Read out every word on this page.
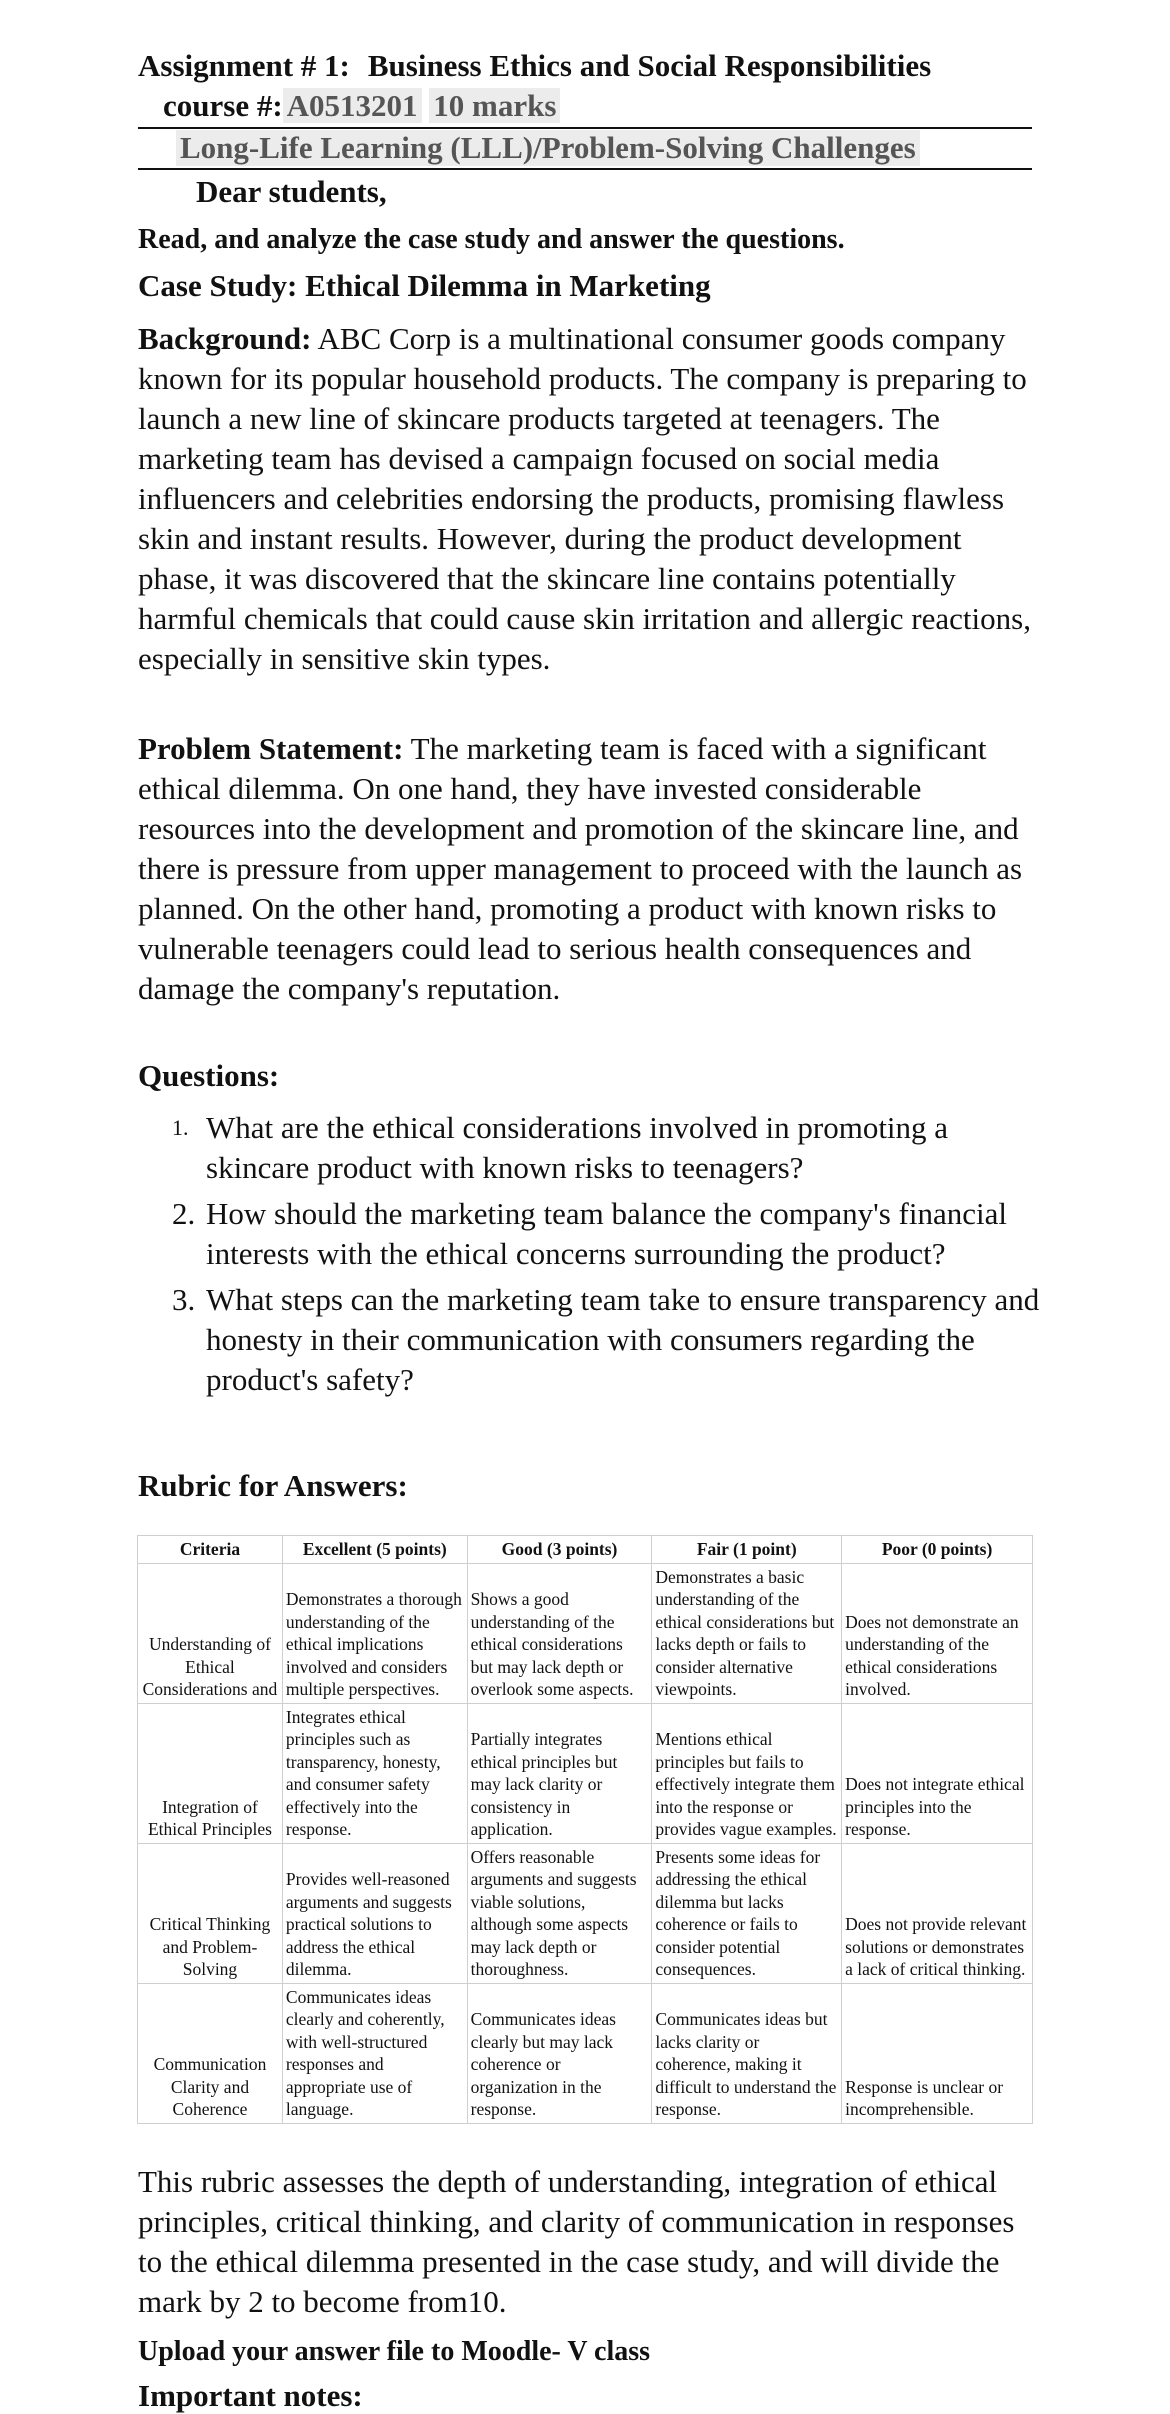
Assignment # 1: Business Ethics and Social Responsibilities
course #: A0513201 10 marks
Long-Life Learning (LLL)/Problem-Solving Challenges
Dear students,
Read, and analyze the case study and answer the questions.
Case Study: Ethical Dilemma in Marketing
Background: ABC Corp is a multinational consumer goods company known for its popular household products. The company is preparing to launch a new line of skincare products targeted at teenagers. The marketing team has devised a campaign focused on social media influencers and celebrities endorsing the products, promising flawless skin and instant results. However, during the product development phase, it was discovered that the skincare line contains potentially harmful chemicals that could cause skin irritation and allergic reactions, especially in sensitive skin types.
Problem Statement: The marketing team is faced with a significant ethical dilemma. On one hand, they have invested considerable resources into the development and promotion of the skincare line, and there is pressure from upper management to proceed with the launch as planned. On the other hand, promoting a product with known risks to vulnerable teenagers could lead to serious health consequences and damage the company's reputation.
Questions:
1. What are the ethical considerations involved in promoting a skincare product with known risks to teenagers?
2. How should the marketing team balance the company's financial interests with the ethical concerns surrounding the product?
3. What steps can the marketing team take to ensure transparency and honesty in their communication with consumers regarding the product's safety?
Rubric for Answers:
Criteria	Excellent (5 points)	Good (3 points)	Fair (1 point)	Poor (0 points)
Understanding of Ethical Considerations and	Demonstrates a thorough understanding of the ethical implications involved and considers multiple perspectives.	Shows a good understanding of the ethical considerations but may lack depth or overlook some aspects.	Demonstrates a basic understanding of the ethical considerations but lacks depth or fails to consider alternative viewpoints.	Does not demonstrate an understanding of the ethical considerations involved.
Integration of Ethical Principles	Integrates ethical principles such as transparency, honesty, and consumer safety effectively into the response.	Partially integrates ethical principles but may lack clarity or consistency in application.	Mentions ethical principles but fails to effectively integrate them into the response or provides vague examples.	Does not integrate ethical principles into the response.
Critical Thinking and Problem-Solving	Provides well-reasoned arguments and suggests practical solutions to address the ethical dilemma.	Offers reasonable arguments and suggests viable solutions, although some aspects may lack depth or thoroughness.	Presents some ideas for addressing the ethical dilemma but lacks coherence or fails to consider potential consequences.	Does not provide relevant solutions or demonstrates a lack of critical thinking.
Communication Clarity and Coherence	Communicates ideas clearly and coherently, with well-structured responses and appropriate use of language.	Communicates ideas clearly but may lack coherence or organization in the response.	Communicates ideas but lacks clarity or coherence, making it difficult to understand the response.	Response is unclear or incomprehensible.
This rubric assesses the depth of understanding, integration of ethical principles, critical thinking, and clarity of communication in responses to the ethical dilemma presented in the case study, and will divide the mark by 2 to become from10.
Upload your answer file to Moodle- V class
Important notes:
